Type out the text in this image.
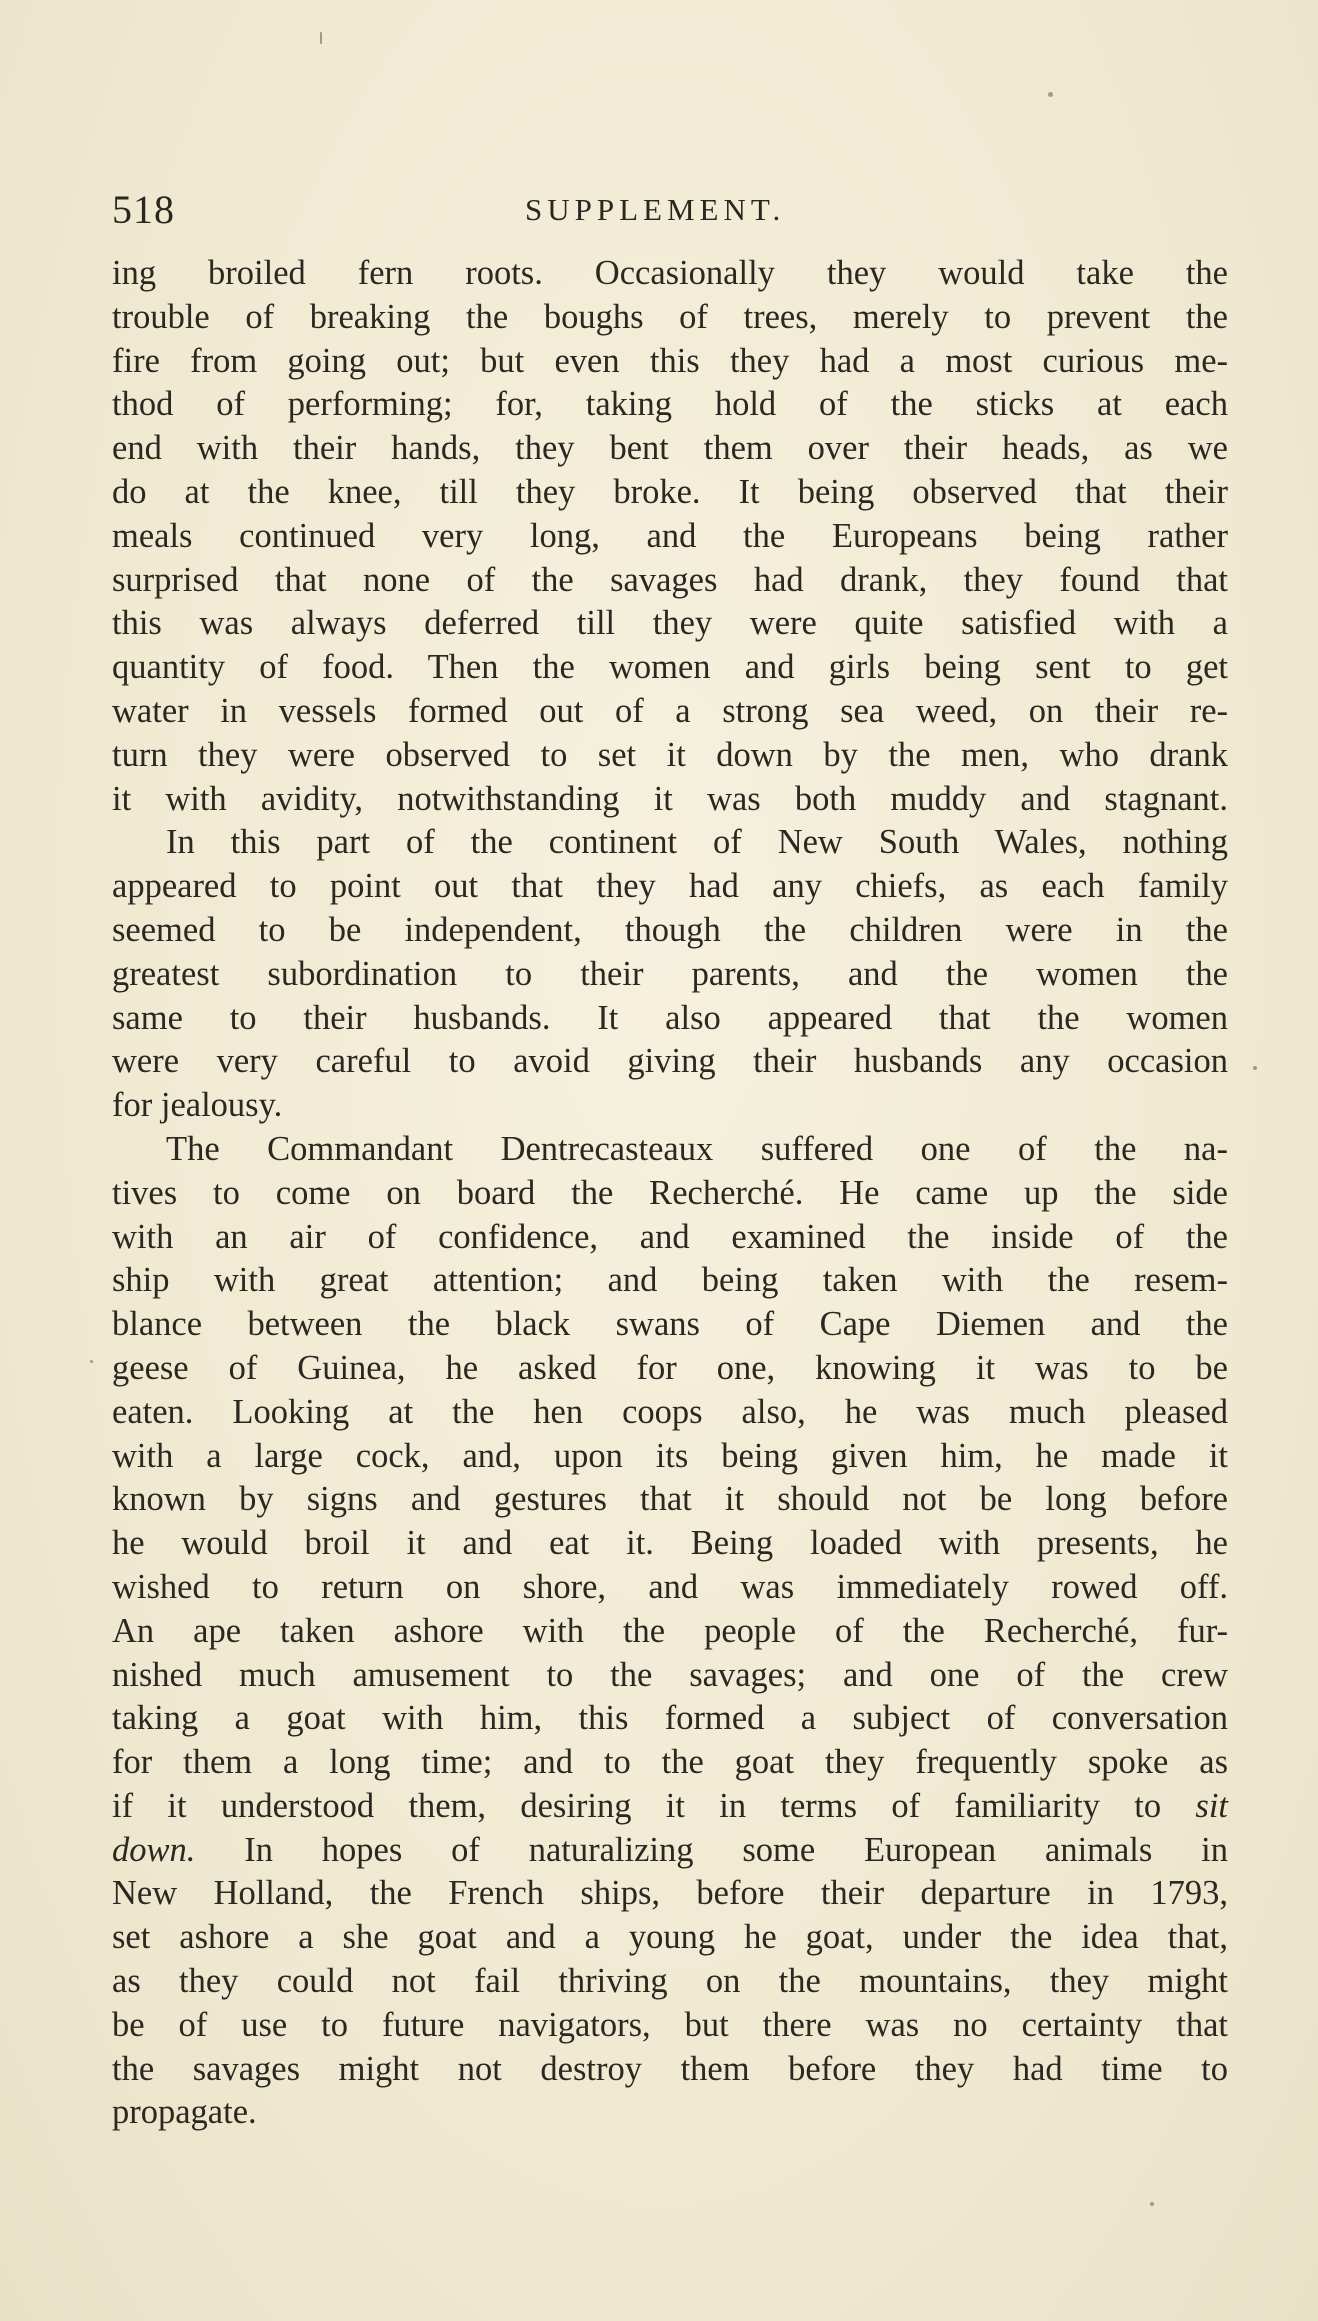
518	SUPPLEMENT.
ing broiled fern roots. Occasionally they would take the
trouble of breaking the boughs of trees, merely to prevent the
fire from going out; but even this they had a most curious me-
thod of performing; for, taking hold of the sticks at each
end with their hands, they bent them over their heads, as we
do at the knee, till they broke. It being observed that their
meals continued very long, and the Europeans being rather
surprised that none of the savages had drank, they found that
this was always deferred till they were quite satisfied with a
quantity of food. Then the women and girls being sent to get
water in vessels formed out of a strong sea weed, on their re-
turn they were observed to set it down by the men, who drank
it with avidity, notwithstanding it was both muddy and stagnant.
In this part of the continent of New South Wales, nothing
appeared to point out that they had any chiefs, as each family
seemed to be independent, though the children were in the
greatest subordination to their parents, and the women the
same to their husbands. It also appeared that the women
were very careful to avoid giving their husbands any occasion
for jealousy.
The Commandant Dentrecasteaux suffered one of the na-
tives to come on board the Recherché. He came up the side
with an air of confidence, and examined the inside of the
ship with great attention; and being taken with the resem-
blance between the black swans of Cape Diemen and the
geese of Guinea, he asked for one, knowing it was to be
eaten. Looking at the hen coops also, he was much pleased
with a large cock, and, upon its being given him, he made it
known by signs and gestures that it should not be long before
he would broil it and eat it. Being loaded with presents, he
wished to return on shore, and was immediately rowed off.
An ape taken ashore with the people of the Recherché, fur-
nished much amusement to the savages; and one of the crew
taking a goat with him, this formed a subject of conversation
for them a long time; and to the goat they frequently spoke as
if it understood them, desiring it in terms of familiarity to sit
down. In hopes of naturalizing some European animals in
New Holland, the French ships, before their departure in 1793,
set ashore a she goat and a young he goat, under the idea that,
as they could not fail thriving on the mountains, they might
be of use to future navigators, but there was no certainty that
the savages might not destroy them before they had time to
propagate.
